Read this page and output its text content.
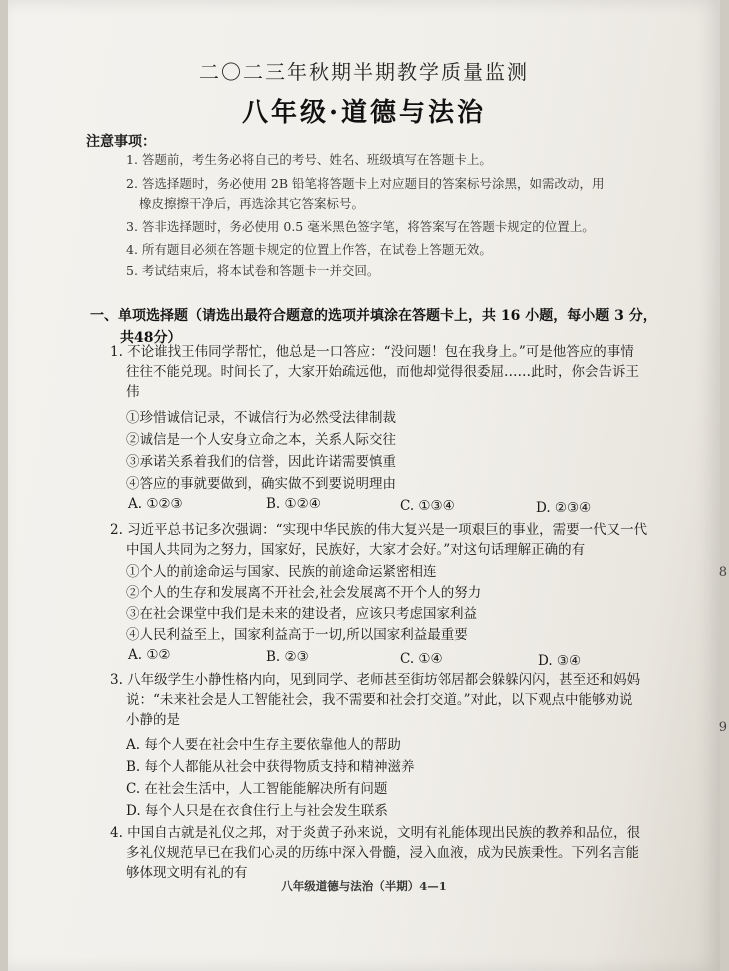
二〇二三年秋期半期教学质量监测
八年级·道德与法治
注意事项：
1. 答题前，考生务必将自己的考号、姓名、班级填写在答题卡上。
2. 答选择题时，务必使用 2B 铅笔将答题卡上对应题目的答案标号涂黑，如需改动，用
橡皮擦擦干净后，再选涂其它答案标号。
3. 答非选择题时，务必使用 0.5 毫米黑色签字笔，将答案写在答题卡规定的位置上。
4. 所有题目必须在答题卡规定的位置上作答，在试卷上答题无效。
5. 考试结束后，将本试卷和答题卡一并交回。
一、单项选择题（请选出最符合题意的选项并填涂在答题卡上，共 16 小题，每小题 3 分，
共48分）
1. 不论谁找王伟同学帮忙，他总是一口答应：“没问题！包在我身上。”可是他答应的事情
往往不能兑现。时间长了，大家开始疏远他，而他却觉得很委屈……此时，你会告诉王
伟
①珍惜诚信记录，不诚信行为必然受法律制裁
②诚信是一个人安身立命之本，关系人际交往
③承诺关系着我们的信誉，因此许诺需要慎重
④答应的事就要做到，确实做不到要说明理由
A. ①②③	B. ①②④	C. ①③④	D. ②③④
2. 习近平总书记多次强调：“实现中华民族的伟大复兴是一项艰巨的事业，需要一代又一代
中国人共同为之努力，国家好，民族好，大家才会好。”对这句话理解正确的有
①个人的前途命运与国家、民族的前途命运紧密相连
②个人的生存和发展离不开社会,社会发展离不开个人的努力
③在社会课堂中我们是未来的建设者，应该只考虑国家利益
④人民利益至上，国家利益高于一切,所以国家利益最重要
A. ①②	B. ②③	C. ①④	D. ③④
3. 八年级学生小静性格内向，见到同学、老师甚至街坊邻居都会躲躲闪闪，甚至还和妈妈
说：“未来社会是人工智能社会，我不需要和社会打交道。”对此，以下观点中能够劝说
小静的是
A. 每个人要在社会中生存主要依靠他人的帮助
B. 每个人都能从社会中获得物质支持和精神滋养
C. 在社会生活中，人工智能能解决所有问题
D. 每个人只是在衣食住行上与社会发生联系
4. 中国自古就是礼仪之邦，对于炎黄子孙来说，文明有礼能体现出民族的教养和品位，很
多礼仪规范早已在我们心灵的历练中深入骨髓，浸入血液，成为民族秉性。下列名言能
够体现文明有礼的有
八年级道德与法治（半期）4—1
8
9
